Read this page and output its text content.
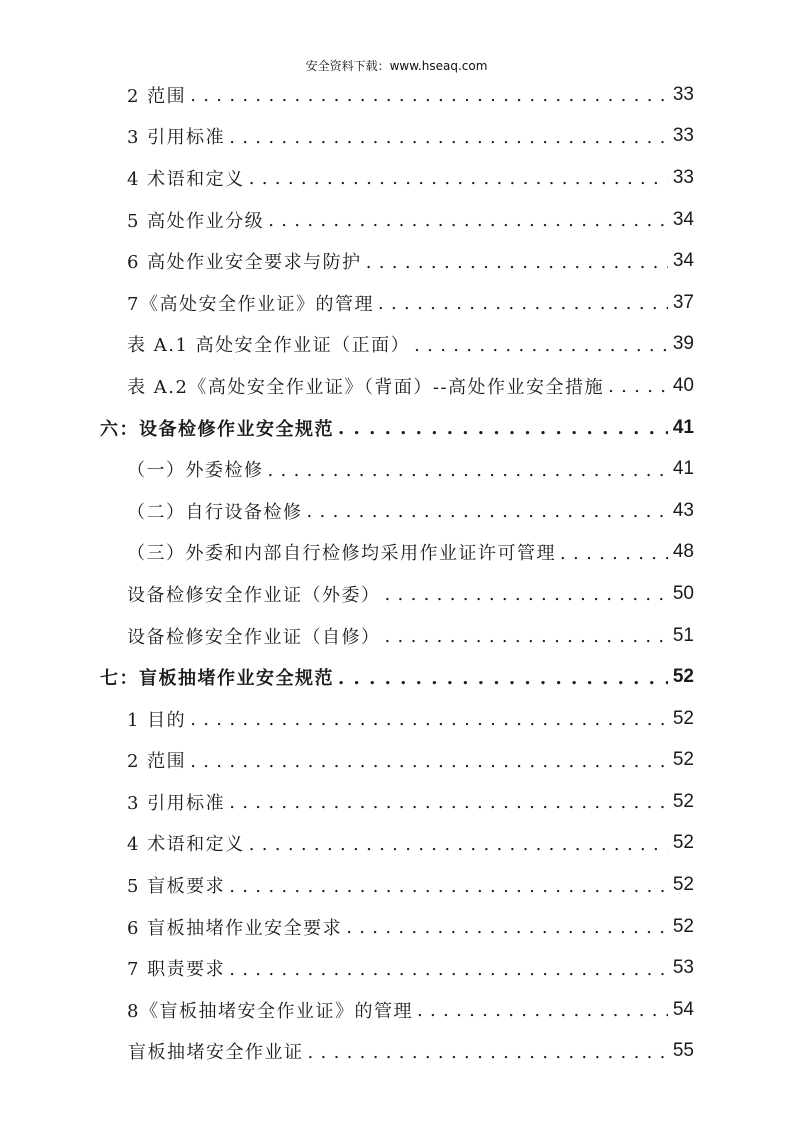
安全资料下载：www.hseaq.com
2 范围 . . .	33
3 引用标准 . . .	33
4 术语和定义 . . .	33
5 高处作业分级 . . .	34
6 高处作业安全要求与防护 . . .	34
7《高处安全作业证》的管理 . . .	37
表 A.1 高处安全作业证（正面） . . .	39
表 A.2《高处安全作业证》（背面）--高处作业安全措施 . . .	40
六：设备检修作业安全规范 . . .	41
（一）外委检修 . . .	41
（二）自行设备检修 . . .	43
（三）外委和内部自行检修均采用作业证许可管理 . . .	48
设备检修安全作业证（外委） . . .	50
设备检修安全作业证（自修） . . .	51
七：盲板抽堵作业安全规范 . . .	52
1 目的 . . .	52
2 范围 . . .	52
3 引用标准 . . .	52
4 术语和定义 . . .	52
5 盲板要求 . . .	52
6 盲板抽堵作业安全要求 . . .	52
7 职责要求 . . .	53
8《盲板抽堵安全作业证》的管理 . . .	54
盲板抽堵安全作业证 . . .	55
